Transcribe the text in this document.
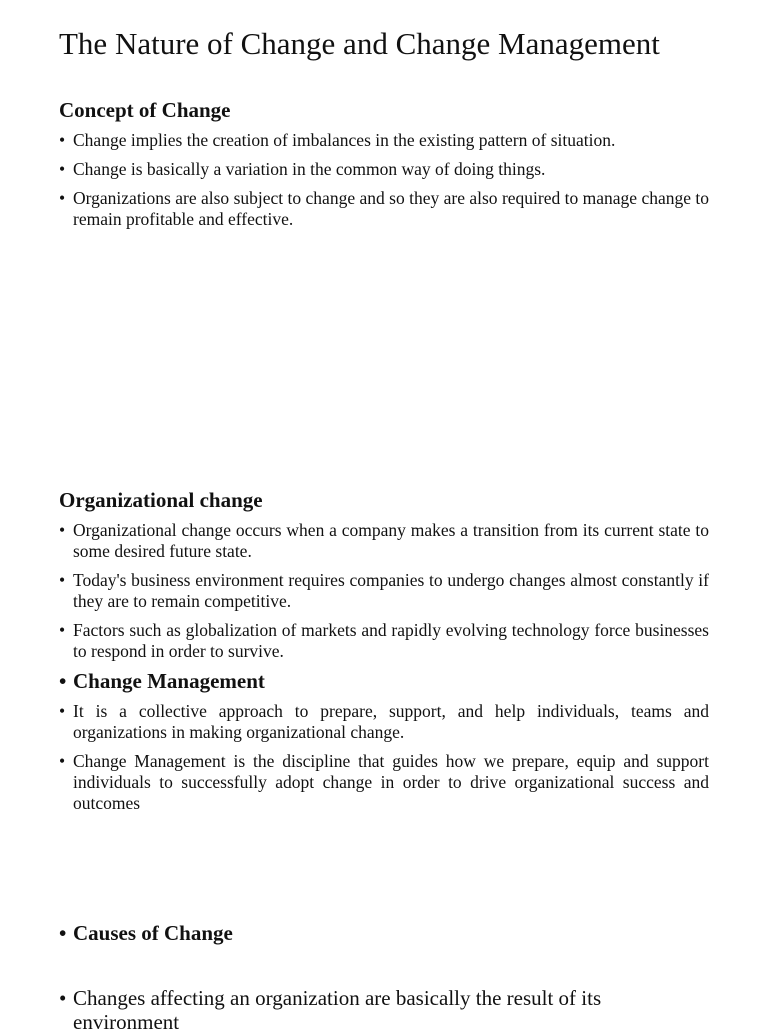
The Nature of Change and Change Management
Concept of Change
• Change implies the creation of imbalances in the existing pattern of situation.
• Change is basically a variation in the common way of doing things.
• Organizations are also subject to change and so they are also required to manage change to remain profitable and effective.
Organizational change
• Organizational change occurs when a company makes a transition from its current state to some desired future state.
• Today's business environment requires companies to undergo changes almost constantly if they are to remain competitive.
• Factors such as globalization of markets and rapidly evolving technology force businesses to respond in order to survive.
• Change Management
• It is a collective approach to prepare, support, and help individuals, teams and organizations in making organizational change.
• Change Management is the discipline that guides how we prepare, equip and support individuals to successfully adopt change in order to drive organizational success and outcomes
• Causes of Change
• Changes affecting an organization are basically the result of its environment
